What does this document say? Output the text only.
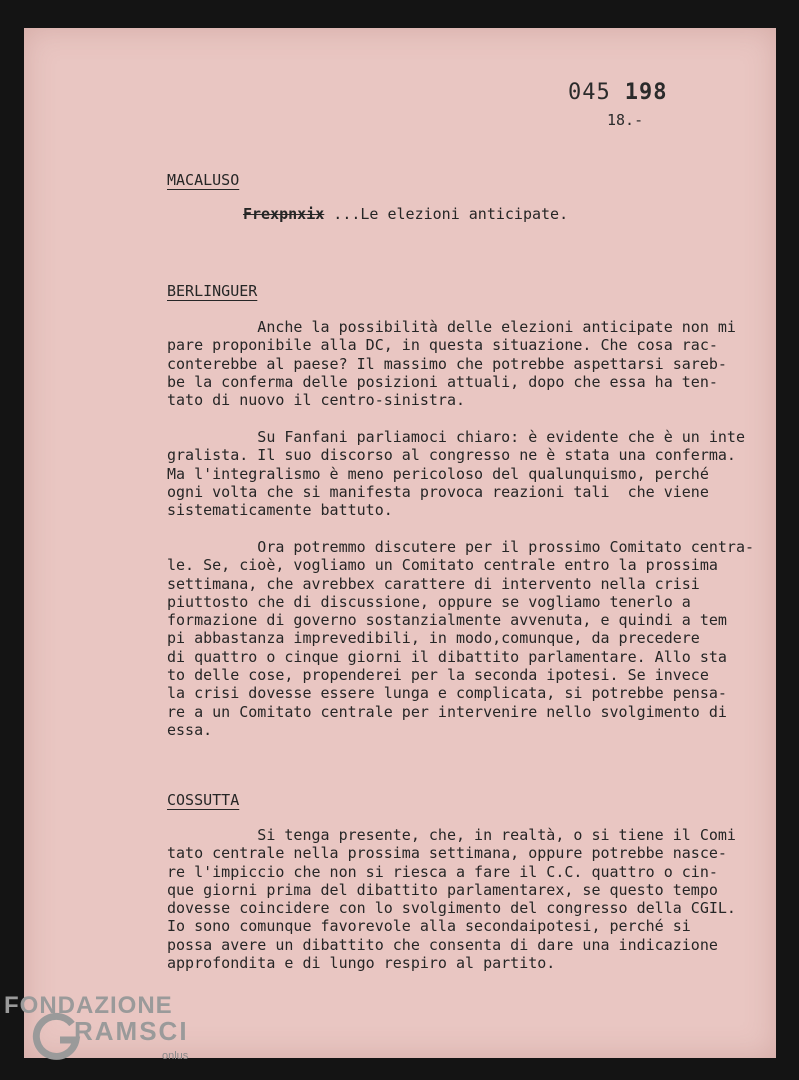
045 198
18.-
MACALUSO
Frexpnxix ...Le elezioni anticipate.
BERLINGUER

Anche la possibilità delle elezioni anticipate non mi
pare proponibile alla DC, in questa situazione. Che cosa rac-
conterebbe al paese? Il massimo che potrebbe aspettarsi sareb-
be la conferma delle posizioni attuali, dopo che essa ha ten-
tato di nuovo il centro-sinistra.

Su Fanfani parliamoci chiaro: è evidente che è un inte
gralista. Il suo discorso al congresso ne è stata una conferma.
Ma l'integralismo è meno pericoloso del qualunquismo, perché
ogni volta che si manifesta provoca reazioni tali  che viene
sistematicamente battuto.

Ora potremmo discutere per il prossimo Comitato centra-
le. Se, cioè, vogliamo un Comitato centrale entro la prossima
settimana, che avrebbex carattere di intervento nella crisi
piuttosto che di discussione, oppure se vogliamo tenerlo a
formazione di governo sostanzialmente avvenuta, e quindi a tem
pi abbastanza imprevedibili, in modo,comunque, da precedere
di quattro o cinque giorni il dibattito parlamentare. Allo sta
to delle cose, propenderei per la seconda ipotesi. Se invece
la crisi dovesse essere lunga e complicata, si potrebbe pensa-
re a un Comitato centrale per intervenire nello svolgimento di
essa.

COSSUTTA

Si tenga presente, che, in realtà, o si tiene il Comi
tato centrale nella prossima settimana, oppure potrebbe nasce-
re l'impiccio che non si riesca a fare il C.C. quattro o cin-
que giorni prima del dibattito parlamentarex, se questo tempo
dovesse coincidere con lo svolgimento del congresso della CGIL.
Io sono comunque favorevole alla secondaipotesi, perché si
possa avere un dibattito che consenta di dare una indicazione
approfondita e di lungo respiro al partito.

FONDAZIONE
RAMSCI
onlus
